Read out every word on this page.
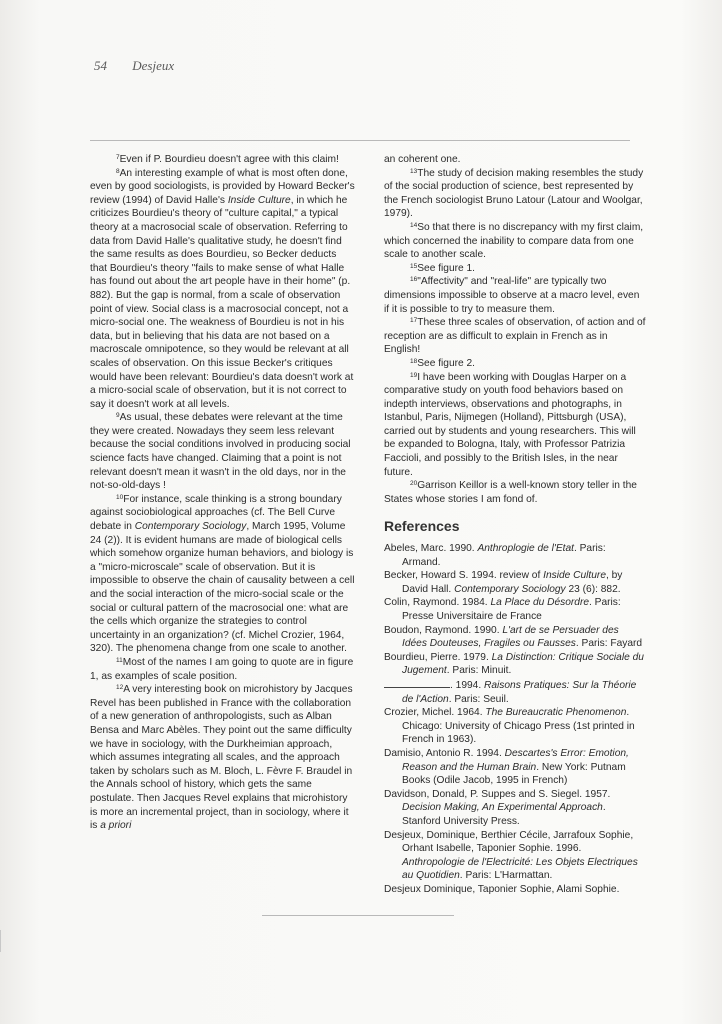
54 Desjeux

$^7$Even if P. Bourdieu doesn't agree with this claim!

$^8$An interesting example of what is most often done, even by good sociologists, is provided by Howard Becker's review (1994) of David Halle's Inside Culture, in which he criticizes Bourdieu's theory of "culture capital," a typical theory at a macrosocial scale of observation. Referring to data from David Halle's qualitative study, he doesn't find the same results as does Bourdieu, so Becker deducts that Bourdieu's theory "fails to make sense of what Halle has found out about the art people have in their home" (p. 882). But the gap is normal, from a scale of observation point of view. Social class is a macrosocial concept, not a micro-social one. The weakness of Bourdieu is not in his data, but in believing that his data are not based on a macroscale omnipotence, so they would be relevant at all scales of observation. On this issue Becker's critiques would have been relevant: Bourdieu's data doesn't work at a micro-social scale of observation, but it is not correct to say it doesn't work at all levels.

$^9$As usual, these debates were relevant at the time they were created. Nowadays they seem less relevant because the social conditions involved in producing social science facts have changed. Claiming that a point is not relevant doesn't mean it wasn't in the old days, nor in the not-so-old-days !

$^{10}$For instance, scale thinking is a strong boundary against sociobiological approaches (cf. The Bell Curve debate in Contemporary Sociology, March 1995, Volume 24 (2)). It is evident humans are made of biological cells which somehow organize human behaviors, and biology is a "micro-microscale" scale of observation. But it is impossible to observe the chain of causality between a cell and the social interaction of the micro-social scale or the social or cultural pattern of the macrosocial one: what are the cells which organize the strategies to control uncertainty in an organization? (cf. Michel Crozier, 1964, 320). The phenomena change from one scale to another.

$^{11}$Most of the names I am going to quote are in figure 1, as examples of scale position.

$^{12}$A very interesting book on microhistory by Jacques Revel has been published in France with the collaboration of a new generation of anthropologists, such as Alban Bensa and Marc Abèles. They point out the same difficulty we have in sociology, with the Durkheimian approach, which assumes integrating all scales, and the approach taken by scholars such as M. Bloch, L. Fèvre F. Braudel in the Annals school of history, which gets the same postulate. Then Jacques Revel explains that microhistory is more an incremental project, than in sociology, where it is a priori

an coherent one.

$^{13}$The study of decision making resembles the study of the social production of science, best represented by the French sociologist Bruno Latour (Latour and Woolgar, 1979).

$^{14}$So that there is no discrepancy with my first claim, which concerned the inability to compare data from one scale to another scale.

$^{15}$See figure 1.

$^{16}$"Affectivity" and "real-life" are typically two dimensions impossible to observe at a macro level, even if it is possible to try to measure them.

$^{17}$These three scales of observation, of action and of reception are as difficult to explain in French as in English!

$^{18}$See figure 2.

$^{19}$I have been working with Douglas Harper on a comparative study on youth food behaviors based on indepth interviews, observations and photographs, in Istanbul, Paris, Nijmegen (Holland), Pittsburgh (USA), carried out by students and young researchers. This will be expanded to Bologna, Italy, with Professor Patrizia Faccioli, and possibly to the British Isles, in the near future.

$^{20}$Garrison Keillor is a well-known story teller in the States whose stories I am fond of.

References

Abeles, Marc. 1990. Anthroplogie de l'Etat. Paris: Armand.

Becker, Howard S. 1994. review of Inside Culture, by David Hall. Contemporary Sociology 23 (6): 882.

Colin, Raymond. 1984. La Place du Désordre. Paris: Presse Universitaire de France

Boudon, Raymond. 1990. L'art de se Persuader des Idées Douteuses, Fragiles ou Fausses. Paris: Fayard

Bourdieu, Pierre. 1979. La Distinction: Critique Sociale du Jugement. Paris: Minuit.

. 1994. Raisons Pratiques: Sur la Théorie de l'Action. Paris: Seuil.

Crozier, Michel. 1964. The Bureaucratic Phenomenon. Chicago: University of Chicago Press (1st printed in French in 1963).

Damisio, Antonio R. 1994. Descartes's Error: Emotion, Reason and the Human Brain. New York: Putnam Books (Odile Jacob, 1995 in French)

Davidson, Donald, P. Suppes and S. Siegel. 1957. Decision Making, An Experimental Approach. Stanford University Press.

Desjeux, Dominique, Berthier Cécile, Jarrafoux Sophie, Orhant Isabelle, Taponier Sophie. 1996. Anthropologie de l'Electricité: Les Objets Electriques au Quotidien. Paris: L'Harmattan.

Desjeux Dominique, Taponier Sophie, Alami Sophie.
